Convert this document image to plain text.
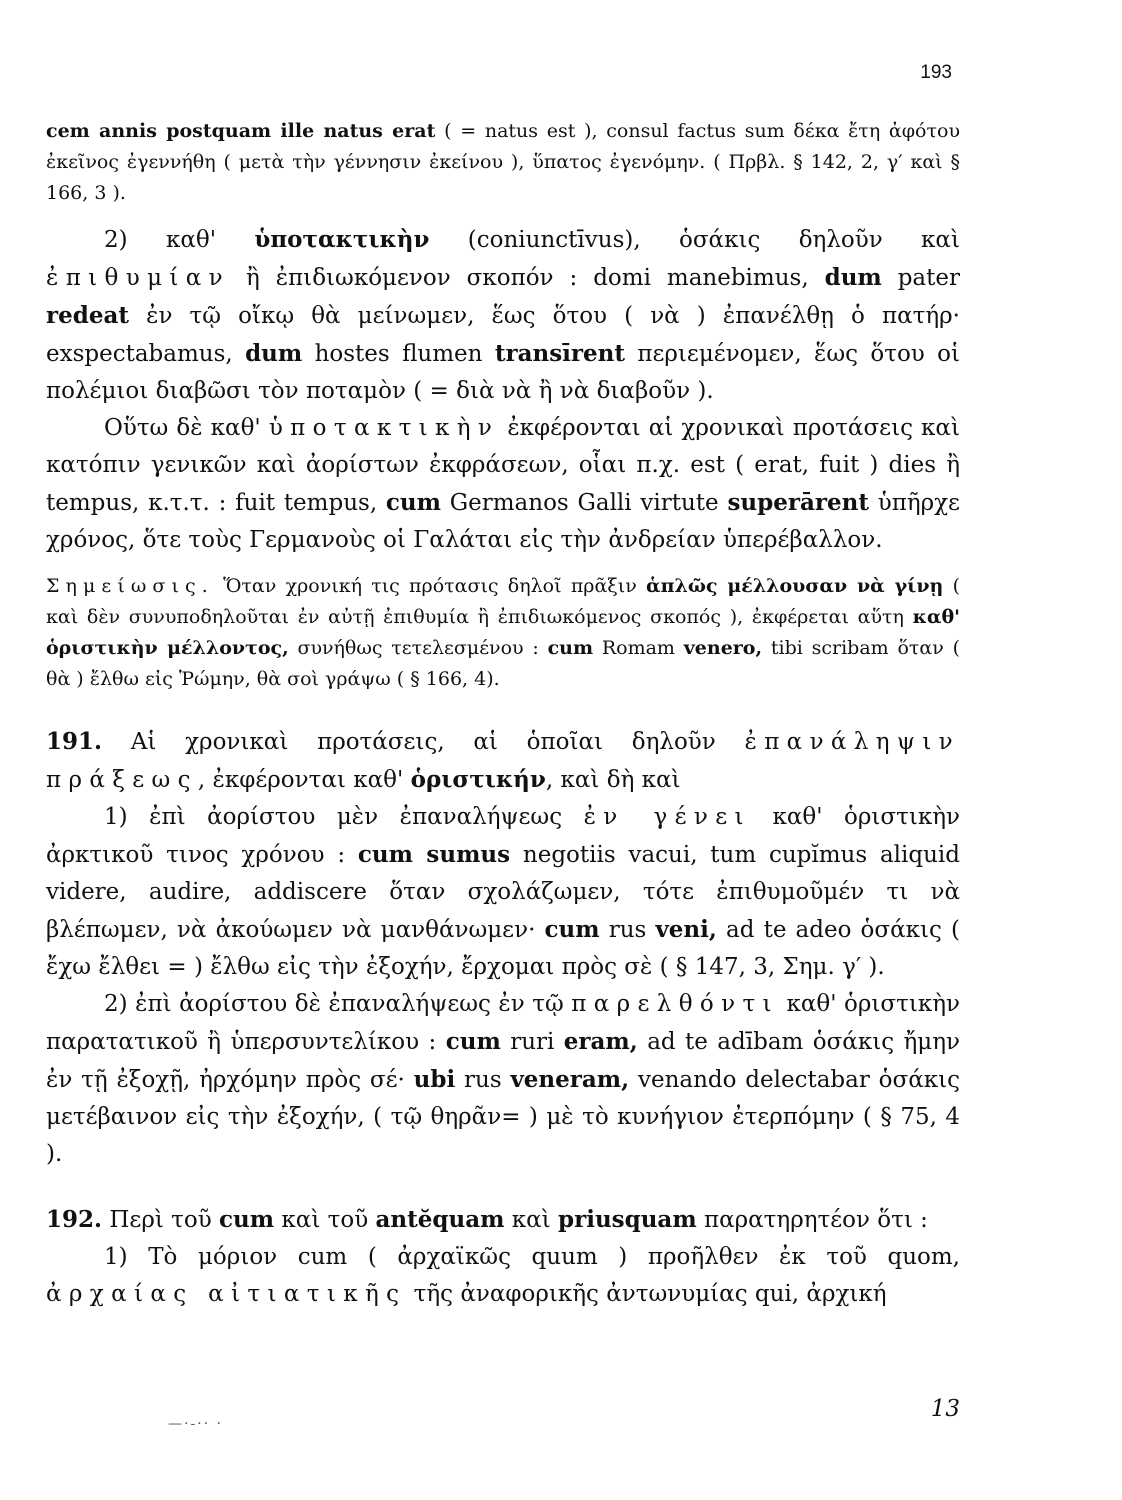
193

cem annis postquam ille natus erat ( = natus est ), consul factus sum δέκα ἔτη ἀφότου ἐκεῖνος ἐγεννήθη ( μετὰ τὴν γέννησιν ἐκείνου ), ὕπατος ἐγενόμην. ( Πρβλ. § 142, 2, γ′ καὶ § 166, 3 ).

2) καθ' ὑποτακτικὴν (coniunctīvus), ὁσάκις δηλοῦν καὶ ἐπιθυμίαν ἢ ἐπιδιωκόμενον σκοπόν : domi manebimus, dum pater redeat ἐν τῷ οἴκῳ θὰ μείνωμεν, ἕως ὅτου ( νὰ ) ἐπανέλθῃ ὁ πατήρ· exspectabamus, dum hostes flumen transīrent περιεμένομεν, ἕως ὅτου οἱ πολέμιοι διαβῶσι τὸν ποταμὸν ( = διὰ νὰ ἢ νὰ διαβοῦν ).

Οὕτω δὲ καθ' ὑποτακτικὴν ἐκφέρονται αἱ χρονικαὶ προτάσεις καὶ κατόπιν γενικῶν καὶ ἀορίστων ἐκφράσεων, οἷαι π.χ. est ( erat, fuit ) dies ἢ tempus, κ.τ.τ. : fuit tempus, cum Germanos Galli virtute superārent ὑπῆρχε χρόνος, ὅτε τοὺς Γερμανοὺς οἱ Γαλάται εἰς τὴν ἀνδρείαν ὑπερέβαλλον.

Σημείωσις. Ὅταν χρονική τις πρότασις δηλοῖ πρᾶξιν ἁπλῶς μέλλουσαν νὰ γίνῃ ( καὶ δὲν συνυποδηλοῦται ἐν αὐτῇ ἐπιθυμία ἢ ἐπιδιωκόμενος σκοπός ), ἐκφέρεται αὕτη καθ' ὁριστικὴν μέλλοντος, συνήθως τετελεσμένου : cum Romam venero, tibi scribam ὅταν ( θὰ ) ἔλθω εἰς Ῥώμην, θὰ σοὶ γράψω ( § 166, 4).

191. Αἱ χρονικαὶ προτάσεις, αἱ ὁποῖαι δηλοῦν ἐπανάληψιν πράξεως, ἐκφέρονται καθ' ὁριστικήν, καὶ δὴ καὶ

1) ἐπὶ ἀορίστου μὲν ἐπαναλήψεως ἐν γένει καθ' ὁριστικὴν ἀρκτικοῦ τινος χρόνου : cum sumus negotiis vacui, tum cupĭmus aliquid videre, audire, addiscere ὅταν σχολάζωμεν, τότε ἐπιθυμοῦμέν τι νὰ βλέπωμεν, νὰ ἀκούωμεν νὰ μανθάνωμεν· cum rus veni, ad te adeo ὁσάκις ( ἔχω ἔλθει = ) ἔλθω εἰς τὴν ἐξοχήν, ἔρχομαι πρὸς σὲ ( § 147, 3, Σημ. γ′ ).

2) ἐπὶ ἀορίστου δὲ ἐπαναλήψεως ἐν τῷ παρελθόντι καθ' ὁριστικὴν παρατατικοῦ ἢ ὑπερσυντελίκου : cum ruri eram, ad te adībam ὁσάκις ἤμην ἐν τῇ ἐξοχῇ, ἠρχόμην πρὸς σέ· ubi rus veneram, venando delectabar ὁσάκις μετέβαινον εἰς τὴν ἐξοχήν, ( τῷ θηρᾶν= ) μὲ τὸ κυνήγιον ἐτερπόμην ( § 75, 4 ).

192. Περὶ τοῦ cum καὶ τοῦ antĕquam καὶ priusquam παρατηρητέον ὅτι :

1) Τὸ μόριον cum ( ἀρχαϊκῶς quum ) προῆλθεν ἐκ τοῦ quom, ἀρχαίας αἰτιατικῆς τῆς ἀναφορικῆς ἀντωνυμίας qui, ἀρχική

—·-·· ·
13
